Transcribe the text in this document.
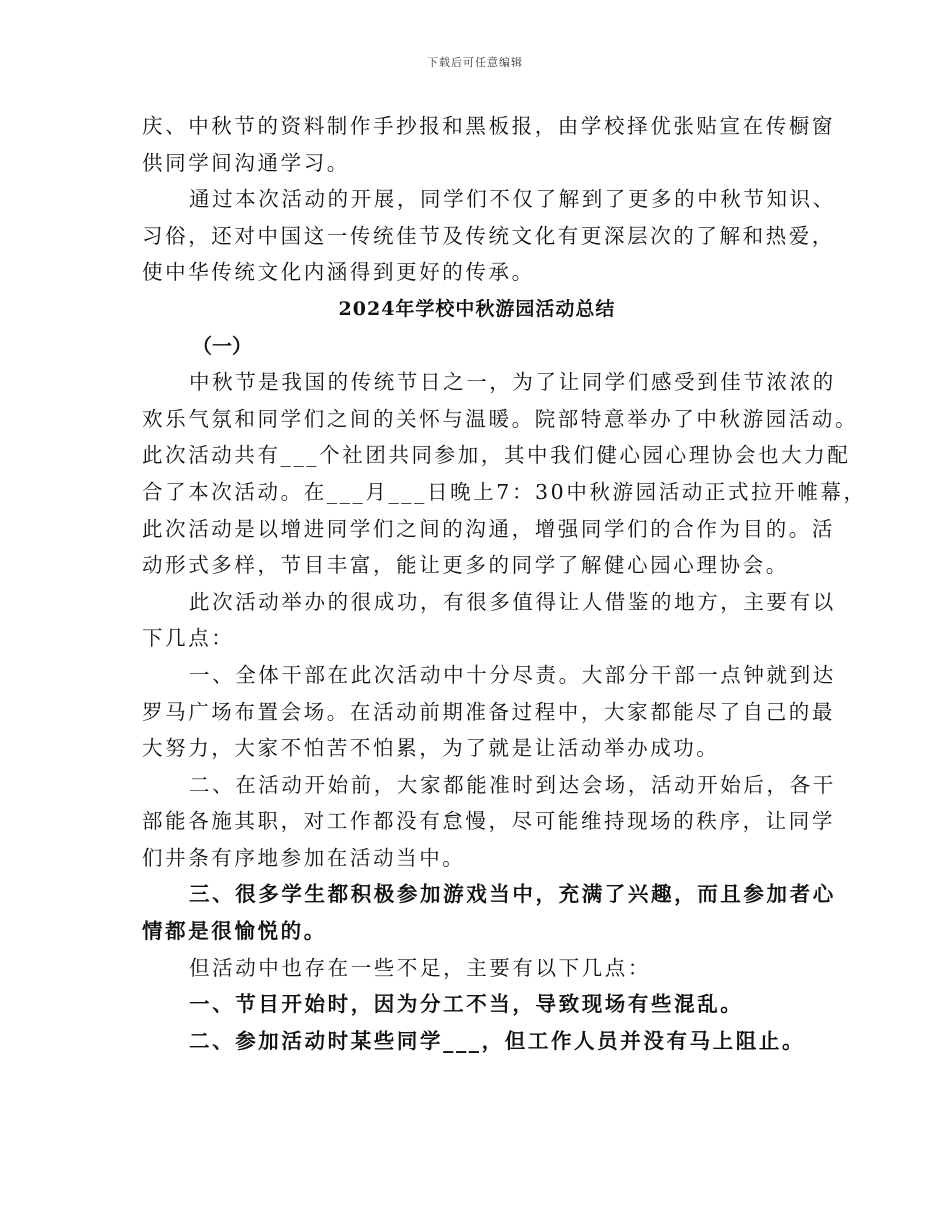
下载后可任意编辑
庆、中秋节的资料制作手抄报和黑板报，由学校择优张贴宣在传橱窗
供同学间沟通学习。
通过本次活动的开展，同学们不仅了解到了更多的中秋节知识、
习俗，还对中国这一传统佳节及传统文化有更深层次的了解和热爱，
使中华传统文化内涵得到更好的传承。
2024年学校中秋游园活动总结
（一）
中秋节是我国的传统节日之一，为了让同学们感受到佳节浓浓的
欢乐气氛和同学们之间的关怀与温暖。院部特意举办了中秋游园活动。
此次活动共有___个社团共同参加，其中我们健心园心理协会也大力配
合了本次活动。在___月___日晚上7：30中秋游园活动正式拉开帷幕，
此次活动是以增进同学们之间的沟通，增强同学们的合作为目的。活
动形式多样，节目丰富，能让更多的同学了解健心园心理协会。
此次活动举办的很成功，有很多值得让人借鉴的地方，主要有以
下几点：
一、全体干部在此次活动中十分尽责。大部分干部一点钟就到达
罗马广场布置会场。在活动前期准备过程中，大家都能尽了自己的最
大努力，大家不怕苦不怕累，为了就是让活动举办成功。
二、在活动开始前，大家都能准时到达会场，活动开始后，各干
部能各施其职，对工作都没有怠慢，尽可能维持现场的秩序，让同学
们井条有序地参加在活动当中。
三、很多学生都积极参加游戏当中，充满了兴趣，而且参加者心
情都是很愉悦的。
但活动中也存在一些不足，主要有以下几点：
一、节目开始时，因为分工不当，导致现场有些混乱。
二、参加活动时某些同学___，但工作人员并没有马上阻止。
